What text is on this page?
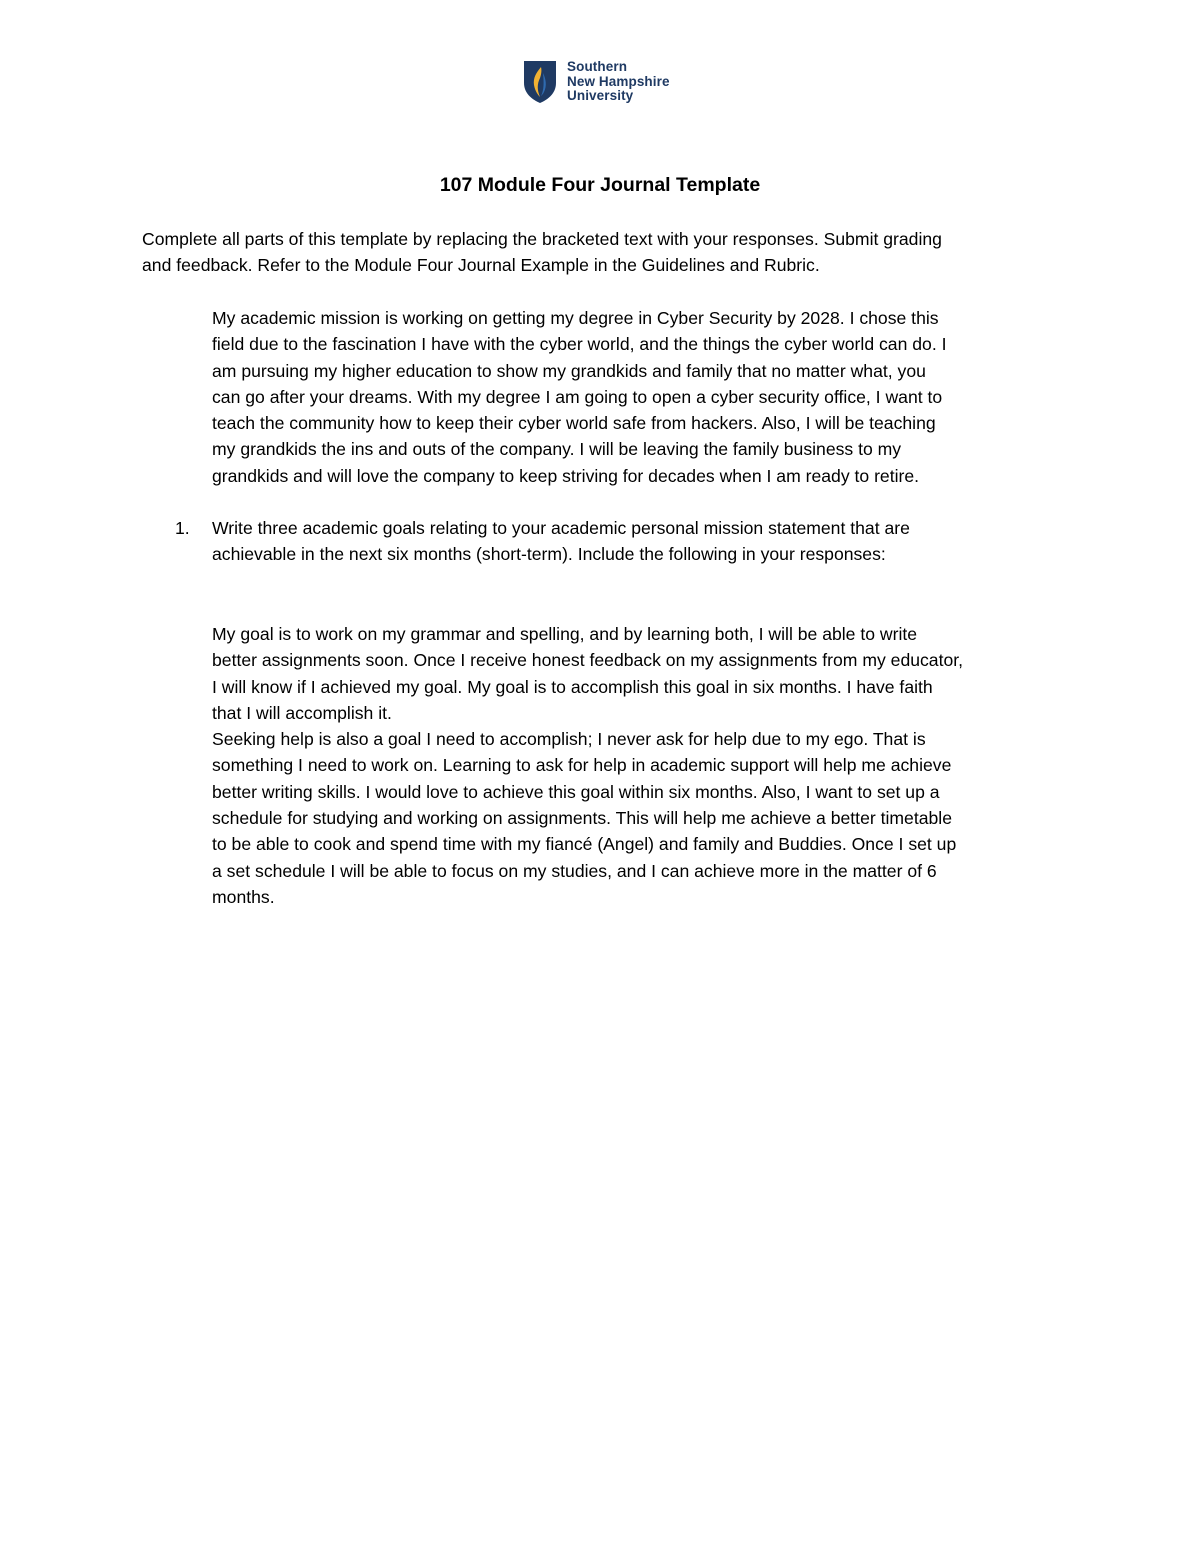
Southern
New Hampshire
University
107 Module Four Journal Template
Complete all parts of this template by replacing the bracketed text with your responses. Submit grading
and feedback. Refer to the Module Four Journal Example in the Guidelines and Rubric.
My academic mission is working on getting my degree in Cyber Security by 2028. I chose this
field due to the fascination I have with the cyber world, and the things the cyber world can do. I
am pursuing my higher education to show my grandkids and family that no matter what, you
can go after your dreams. With my degree I am going to open a cyber security office, I want to
teach the community how to keep their cyber world safe from hackers. Also, I will be teaching
my grandkids the ins and outs of the company. I will be leaving the family business to my
grandkids and will love the company to keep striving for decades when I am ready to retire.
1. Write three academic goals relating to your academic personal mission statement that are
achievable in the next six months (short-term). Include the following in your responses:
My goal is to work on my grammar and spelling, and by learning both, I will be able to write
better assignments soon. Once I receive honest feedback on my assignments from my educator,
I will know if I achieved my goal. My goal is to accomplish this goal in six months. I have faith
that I will accomplish it.
Seeking help is also a goal I need to accomplish; I never ask for help due to my ego. That is
something I need to work on. Learning to ask for help in academic support will help me achieve
better writing skills. I would love to achieve this goal within six months. Also, I want to set up a
schedule for studying and working on assignments. This will help me achieve a better timetable
to be able to cook and spend time with my fiancé (Angel) and family and Buddies. Once I set up
a set schedule I will be able to focus on my studies, and I can achieve more in the matter of 6
months.
